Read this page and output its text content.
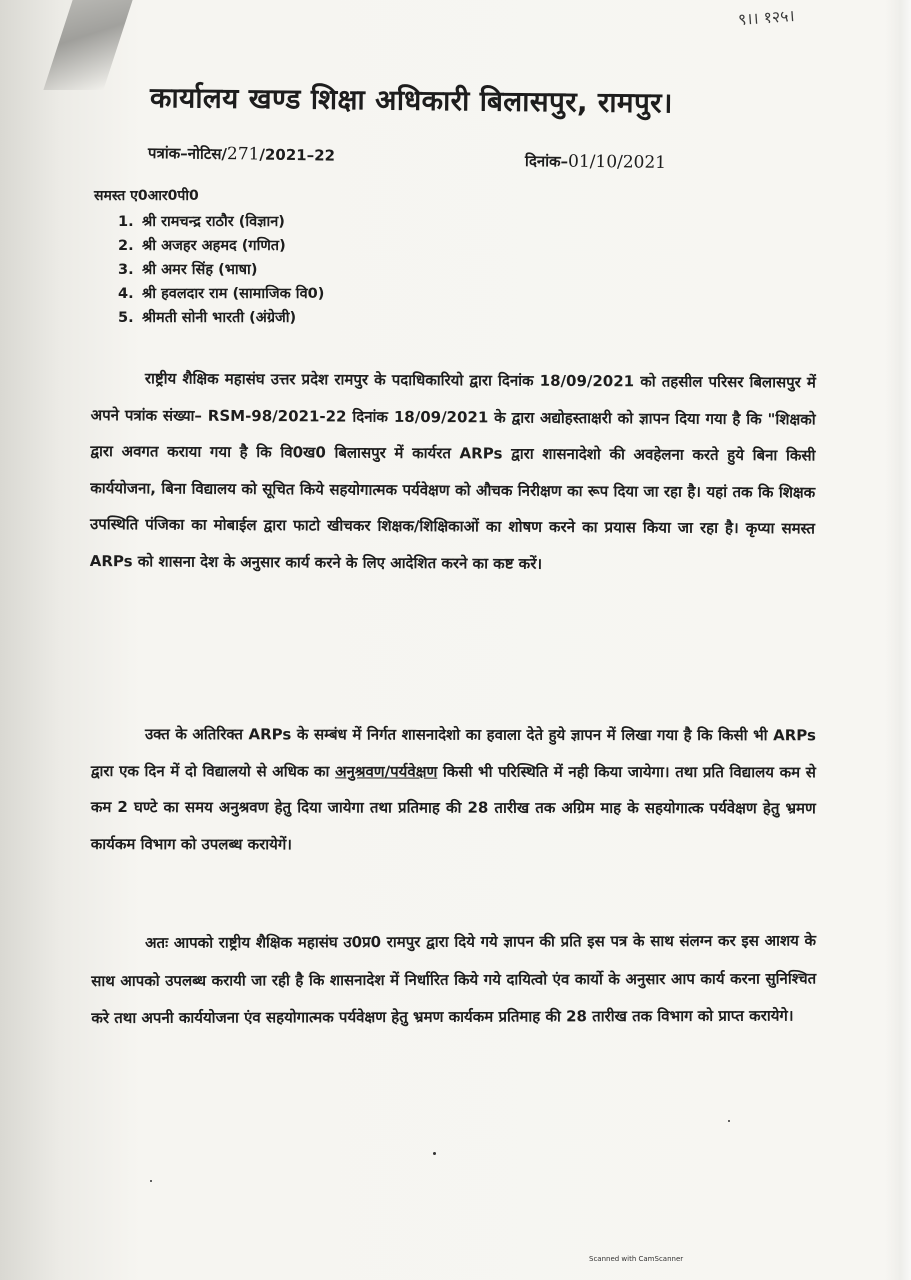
९।। १२५।
कार्यालय खण्ड शिक्षा अधिकारी बिलासपुर, रामपुर।
पत्रांक–नोटिस/271/2021–22	दिनांक–01/10/2021
समस्त ए0आर0पी0
1. श्री रामचन्द्र राठौर (विज्ञान)
2. श्री अजहर अहमद (गणित)
3. श्री अमर सिंह (भाषा)
4. श्री हवलदार राम (सामाजिक वि0)
5. श्रीमती सोनी भारती (अंग्रेजी)
राष्ट्रीय शैक्षिक महासंघ उत्तर प्रदेश रामपुर के पदाधिकारियो द्वारा दिनांक 18/09/2021 को तहसील परिसर बिलासपुर में अपने पत्रांक संख्या– RSM-98/2021-22 दिनांक 18/09/2021 के द्वारा अद्योहस्ताक्षरी को ज्ञापन दिया गया है कि "शिक्षको द्वारा अवगत कराया गया है कि वि0ख0 बिलासपुर में कार्यरत ARPs द्वारा शासनादेशो की अवहेलना करते हुये बिना किसी कार्ययोजना, बिना विद्यालय को सूचित किये सहयोगात्मक पर्यवेक्षण को औचक निरीक्षण का रूप दिया जा रहा है। यहां तक कि शिक्षक उपस्थिति पंजिका का मोबाईल द्वारा फाटो खीचकर शिक्षक/शिक्षिकाओं का शोषण करने का प्रयास किया जा रहा है। कृप्या समस्त ARPs को शासना देश के अनुसार कार्य करने के लिए आदेशित करने का कष्ट करें।
उक्त के अतिरिक्त ARPs के सम्बंध में निर्गत शासनादेशो का हवाला देते हुये ज्ञापन में लिखा गया है कि किसी भी ARPs द्वारा एक दिन में दो विद्यालयो से अधिक का अनुश्रवण/पर्यवेक्षण किसी भी परिस्थिति में नही किया जायेगा। तथा प्रति विद्यालय कम से कम 2 घण्टे का समय अनुश्रवण हेतु दिया जायेगा तथा प्रतिमाह की 28 तारीख तक अग्रिम माह के सहयोगात्क पर्यवेक्षण हेतु भ्रमण कार्यकम विभाग को उपलब्ध करायेगें।
अतः आपको राष्ट्रीय शैक्षिक महासंघ उ0प्र0 रामपुर द्वारा दिये गये ज्ञापन की प्रति इस पत्र के साथ संलग्न कर इस आशय के साथ आपको उपलब्ध करायी जा रही है कि शासनादेश में निर्धारित किये गये दायित्वो एंव कार्यो के अनुसार आप कार्य करना सुनिश्चित करे तथा अपनी कार्ययोजना एंव सहयोगात्मक पर्यवेक्षण हेतु भ्रमण कार्यकम प्रतिमाह की 28 तारीख तक विभाग को प्राप्त करायेगे।
Scanned with CamScanner
